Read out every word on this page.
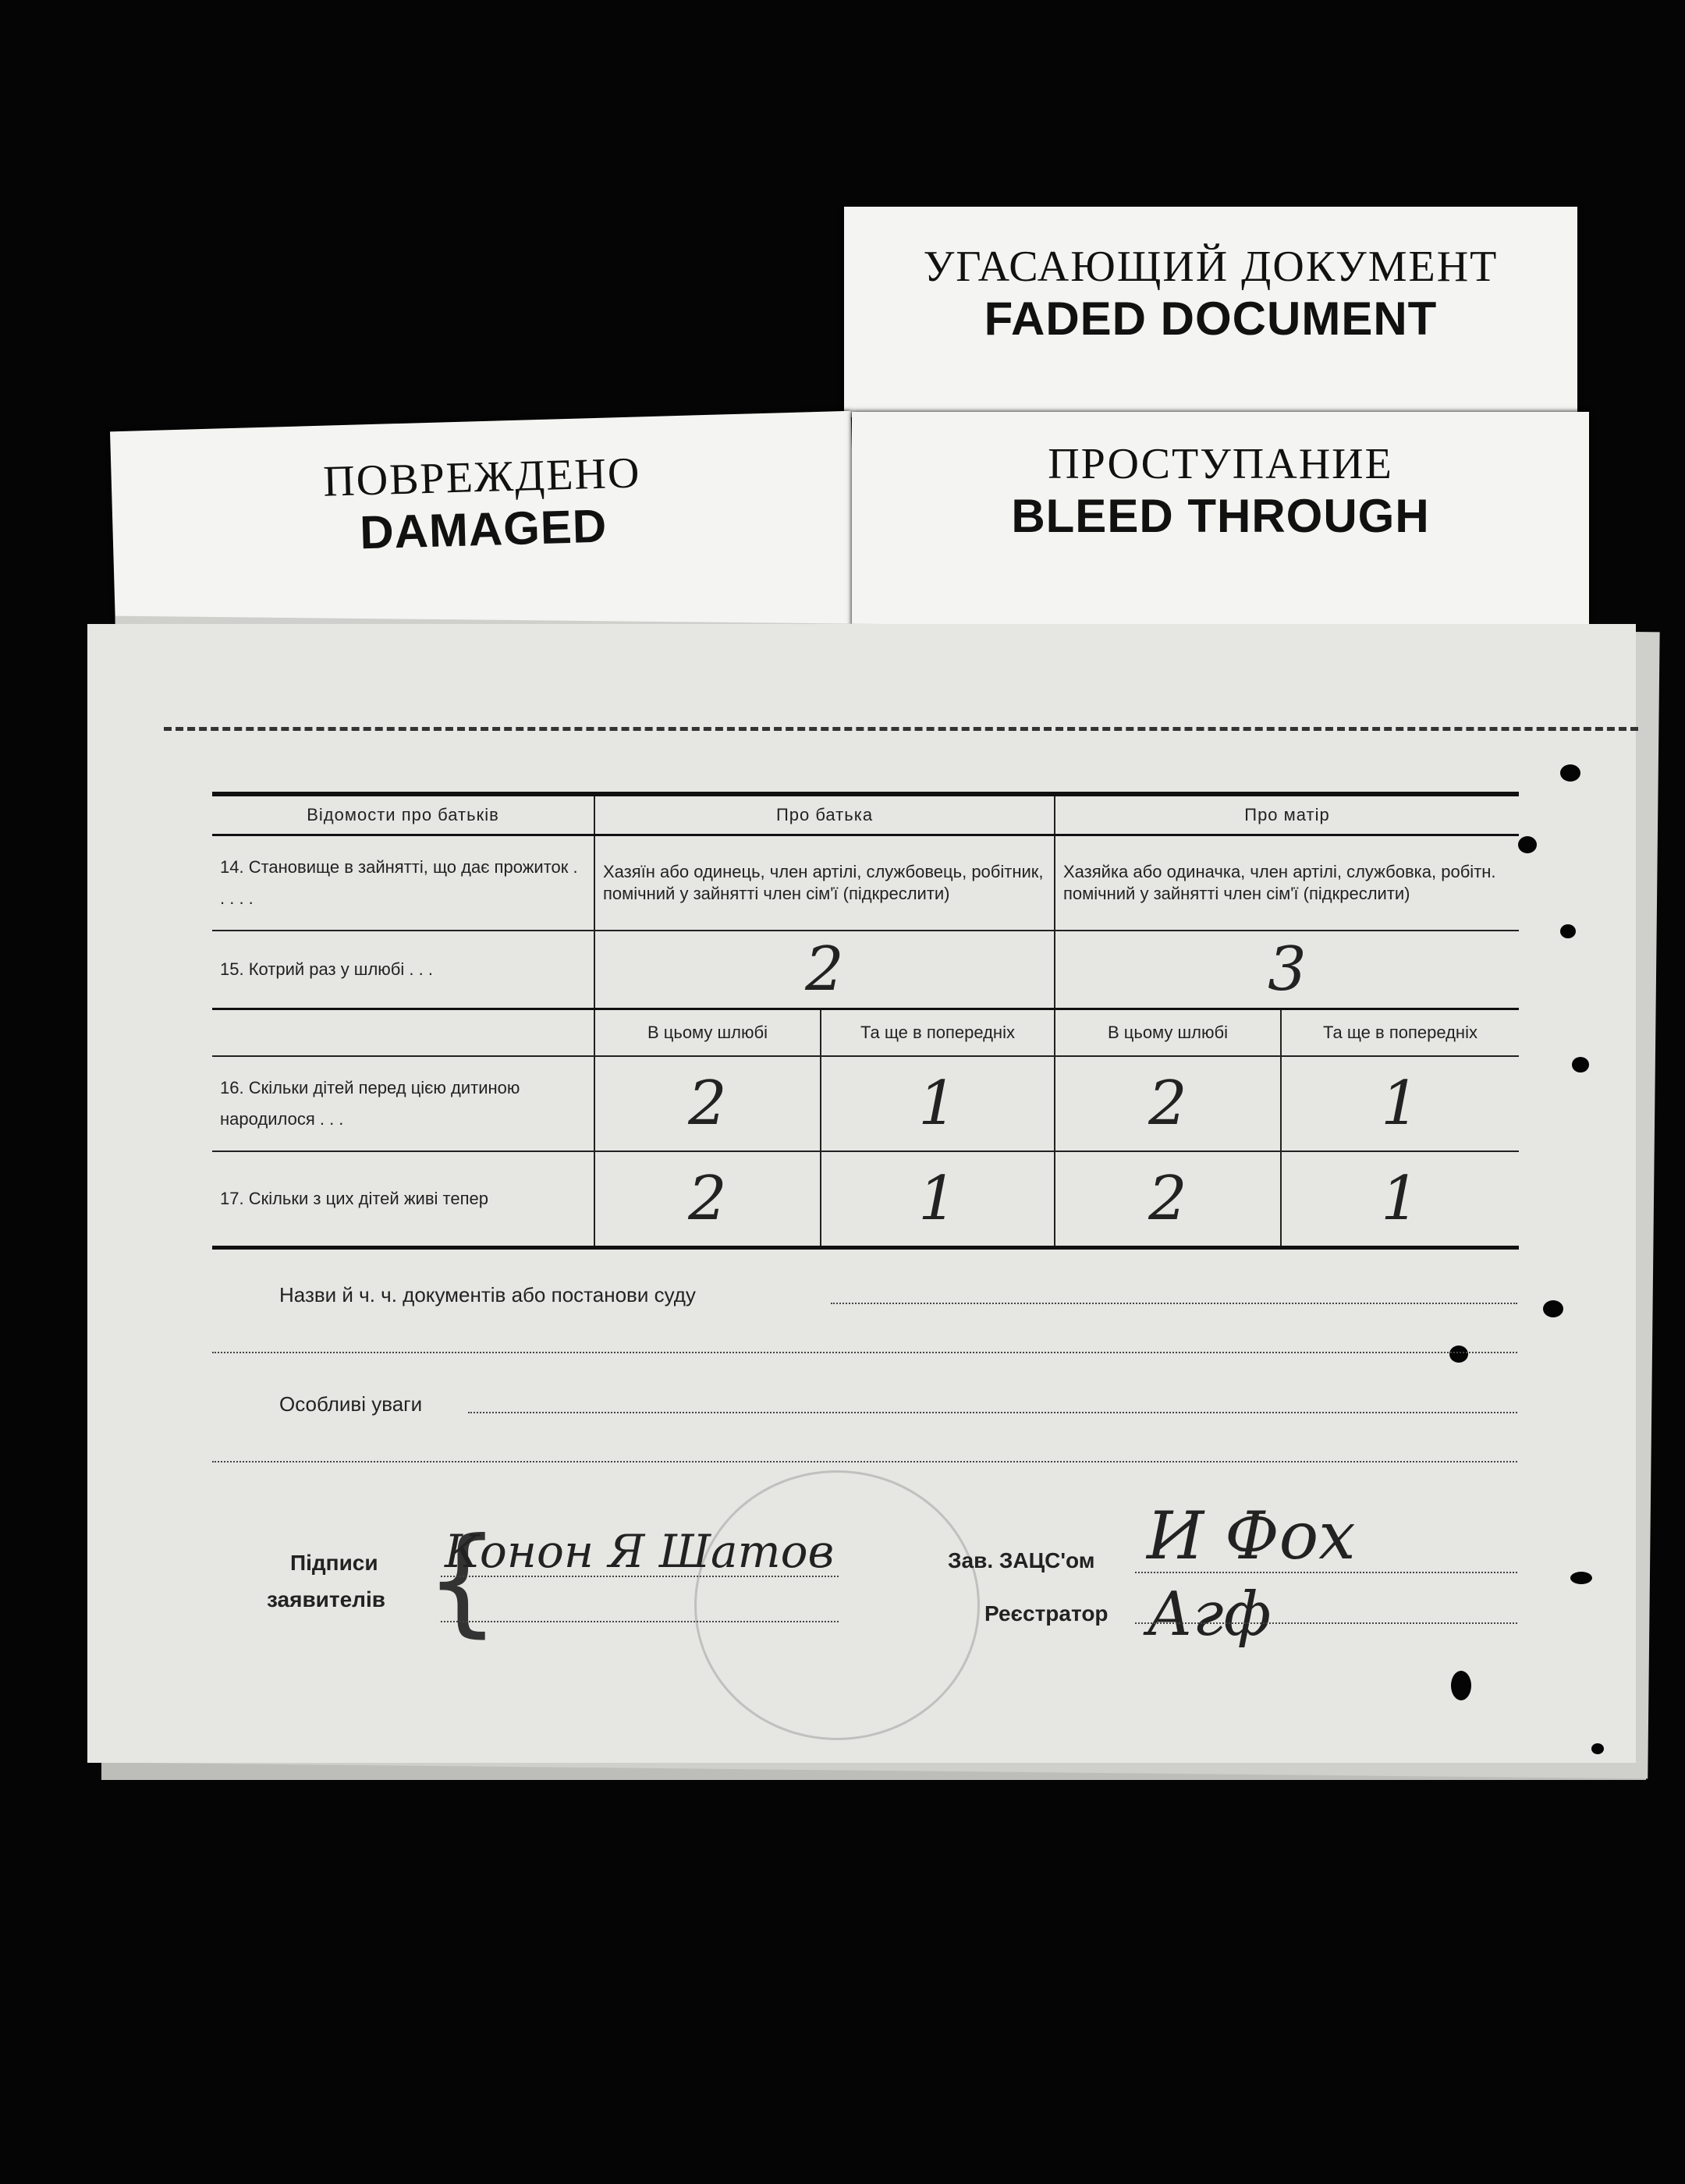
УГАСАЮЩИЙ ДОКУМЕНТ
FADED DOCUMENT
ПОВРЕЖДЕНО
DAMAGED
ПРОСТУПАНИЕ
BLEED THROUGH
Відомости про батьків	Про батька		Про матір	
14. Становище в зайнятті, що дає прожиток . . . . .	Хазяїн або одинець, член артілі, службовець, робітник, помічний у зайнятті член сім'ї (підкреслити)		Хазяйка або одиначка, член артілі, службовка, робітн. помічний у зайнятті член сім'ї (підкреслити)	
15. Котрий раз у шлюбі . . .	2		3	
	В цьому шлюбі	Та ще в попередніх	В цьому шлюбі	Та ще в попередніх
16. Скільки дітей перед цією дитиною народилося . . .	2	1	2	1
17. Скільки з цих дітей живі тепер	2	1	2	1
Назви й ч. ч. документів або постанови суду
Особливі уваги
Підписи
заявителів {
Конон Я Шатов	Зав. ЗАЦС'ом И Фох
Реєстратор Агф
